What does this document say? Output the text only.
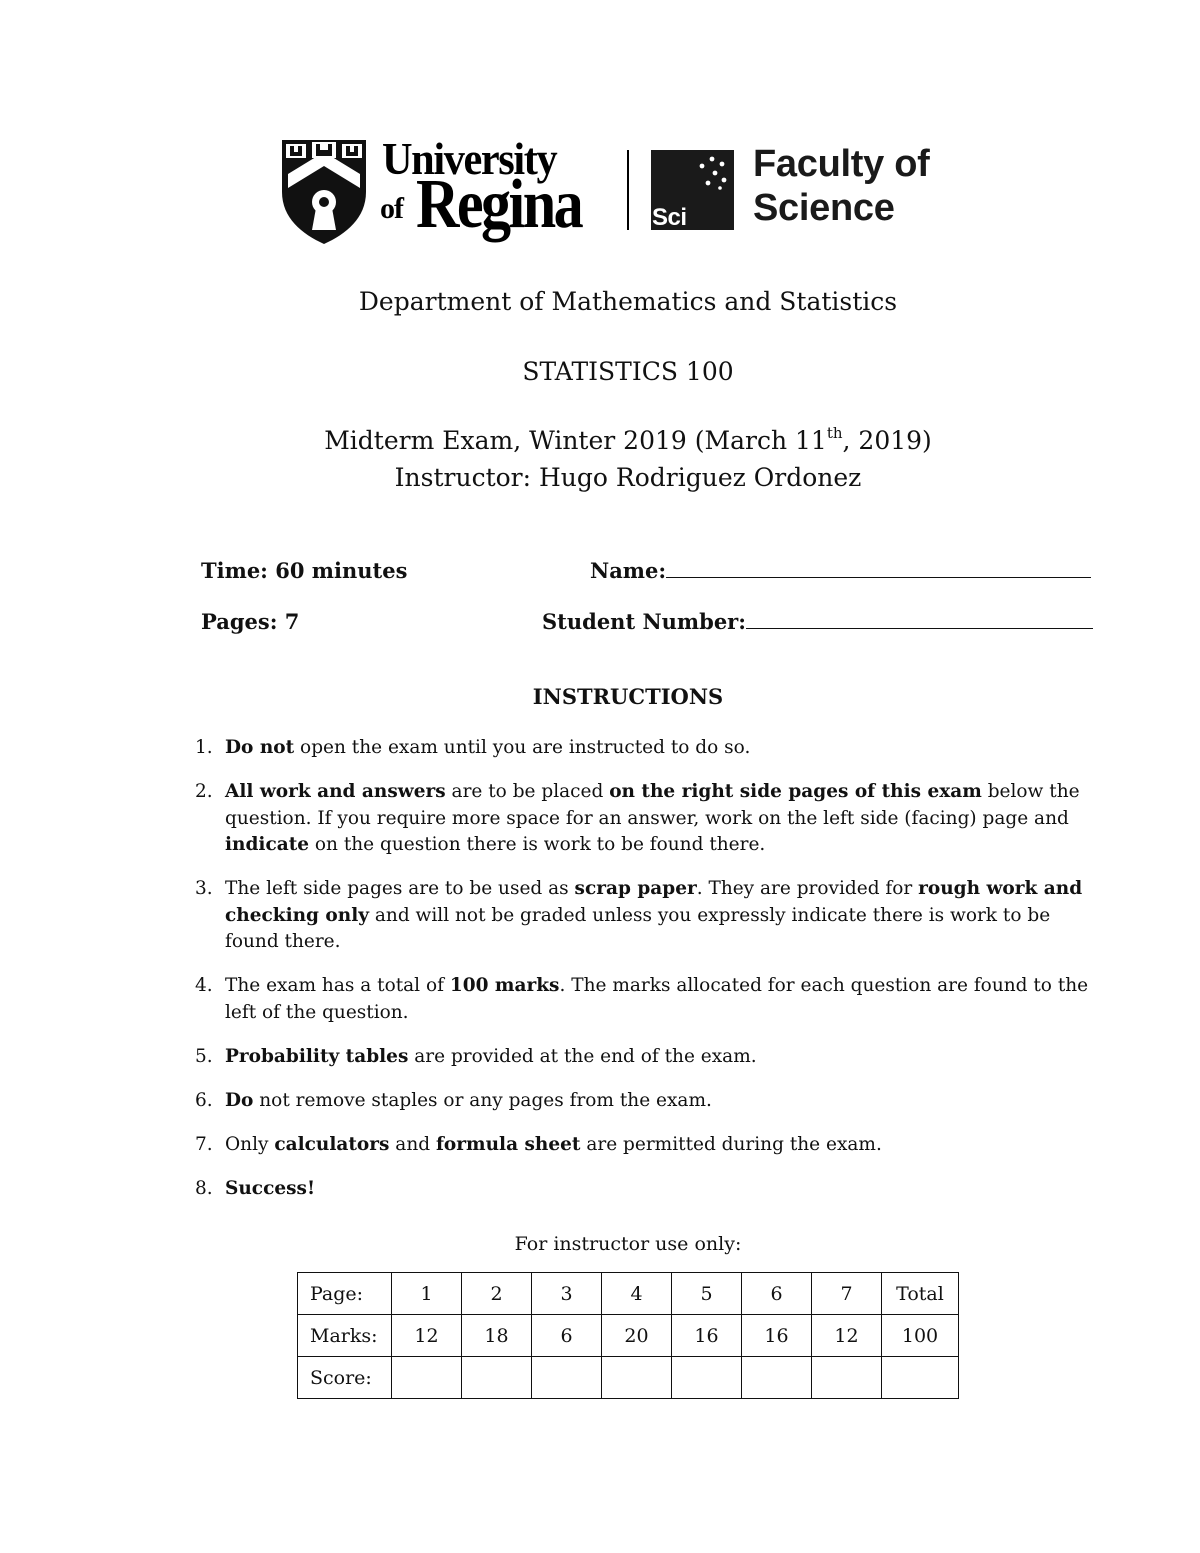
University
of Regina	Sci
Faculty of
Science
Department of Mathematics and Statistics
STATISTICS 100
Midterm Exam, Winter 2019 (March 11th, 2019)
Instructor: Hugo Rodriguez Ordonez
Time: 60 minutes	Name:
Pages: 7	Student Number:
INSTRUCTIONS
1. Do not open the exam until you are instructed to do so.
2. All work and answers are to be placed on the right side pages of this exam below the question. If you require more space for an answer, work on the left side (facing) page and indicate on the question there is work to be found there.
3. The left side pages are to be used as scrap paper. They are provided for rough work and checking only and will not be graded unless you expressly indicate there is work to be found there.
4. The exam has a total of 100 marks. The marks allocated for each question are found to the left of the question.
5. Probability tables are provided at the end of the exam.
6. Do not remove staples or any pages from the exam.
7. Only calculators and formula sheet are permitted during the exam.
8. Success!
For instructor use only:
Page:	1	2	3	4	5	6	7	Total
Marks:	12	18	6	20	16	16	12	100
Score:								
